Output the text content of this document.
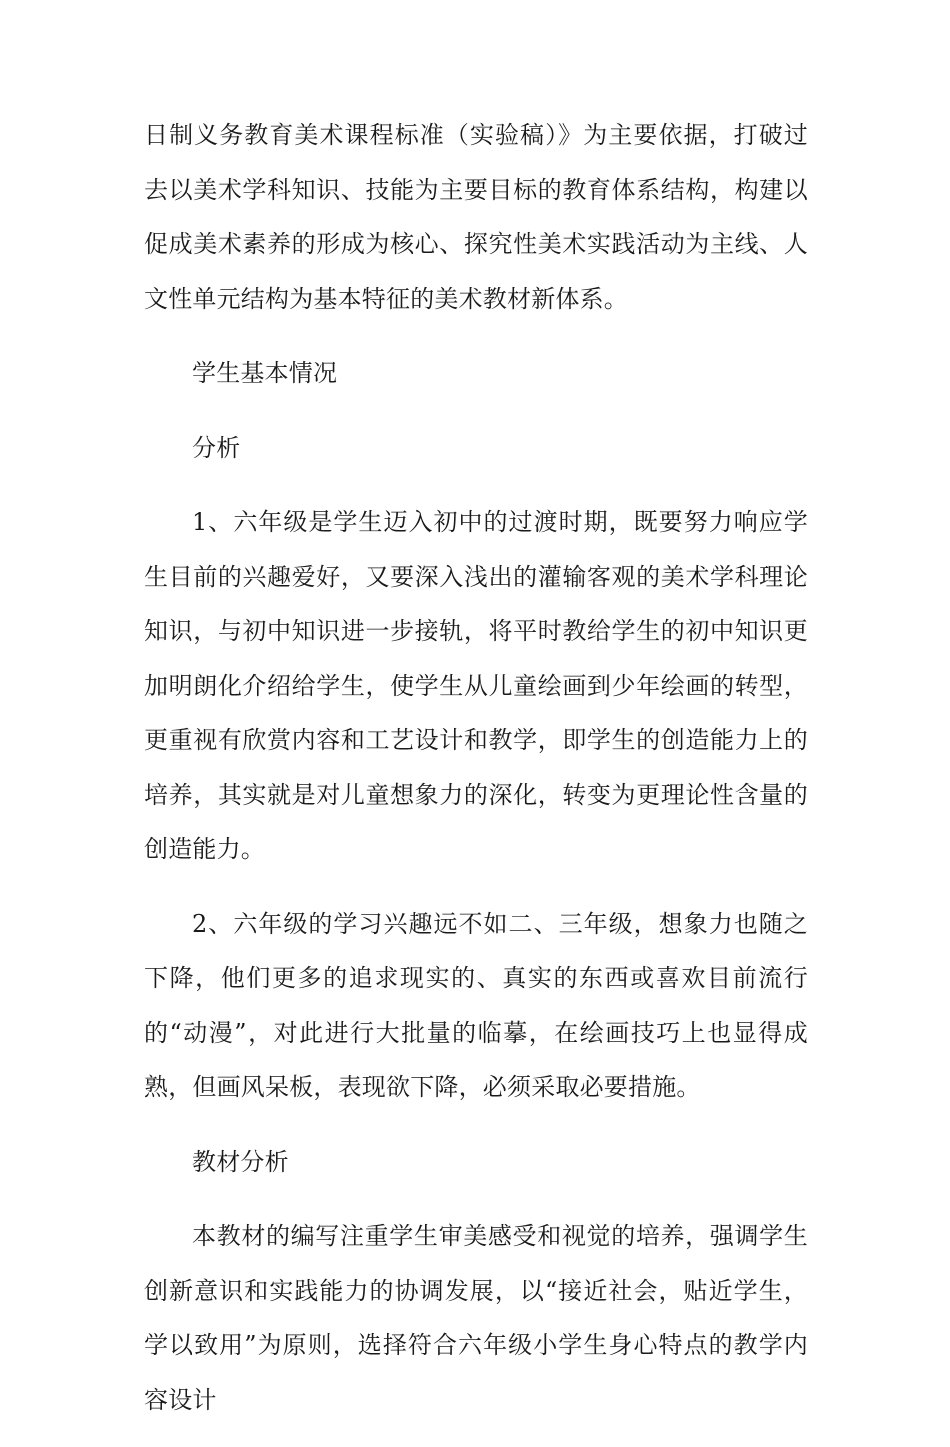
日制义务教育美术课程标准（实验稿）》为主要依据，打破过去以美术学科知识、技能为主要目标的教育体系结构，构建以促成美术素养的形成为核心、探究性美术实践活动为主线、人文性单元结构为基本特征的美术教材新体系。

学生基本情况

分析

1、六年级是学生迈入初中的过渡时期，既要努力响应学生目前的兴趣爱好，又要深入浅出的灌输客观的美术学科理论知识，与初中知识进一步接轨，将平时教给学生的初中知识更加明朗化介绍给学生，使学生从儿童绘画到少年绘画的转型，更重视有欣赏内容和工艺设计和教学，即学生的创造能力上的培养，其实就是对儿童想象力的深化，转变为更理论性含量的创造能力。

2、六年级的学习兴趣远不如二、三年级，想象力也随之下降，他们更多的追求现实的、真实的东西或喜欢目前流行的“动漫”，对此进行大批量的临摹，在绘画技巧上也显得成熟，但画风呆板，表现欲下降，必须采取必要措施。

教材分析

本教材的编写注重学生审美感受和视觉的培养，强调学生创新意识和实践能力的协调发展，以“接近社会，贴近学生，学以致用”为原则，选择符合六年级小学生身心特点的教学内容设计
